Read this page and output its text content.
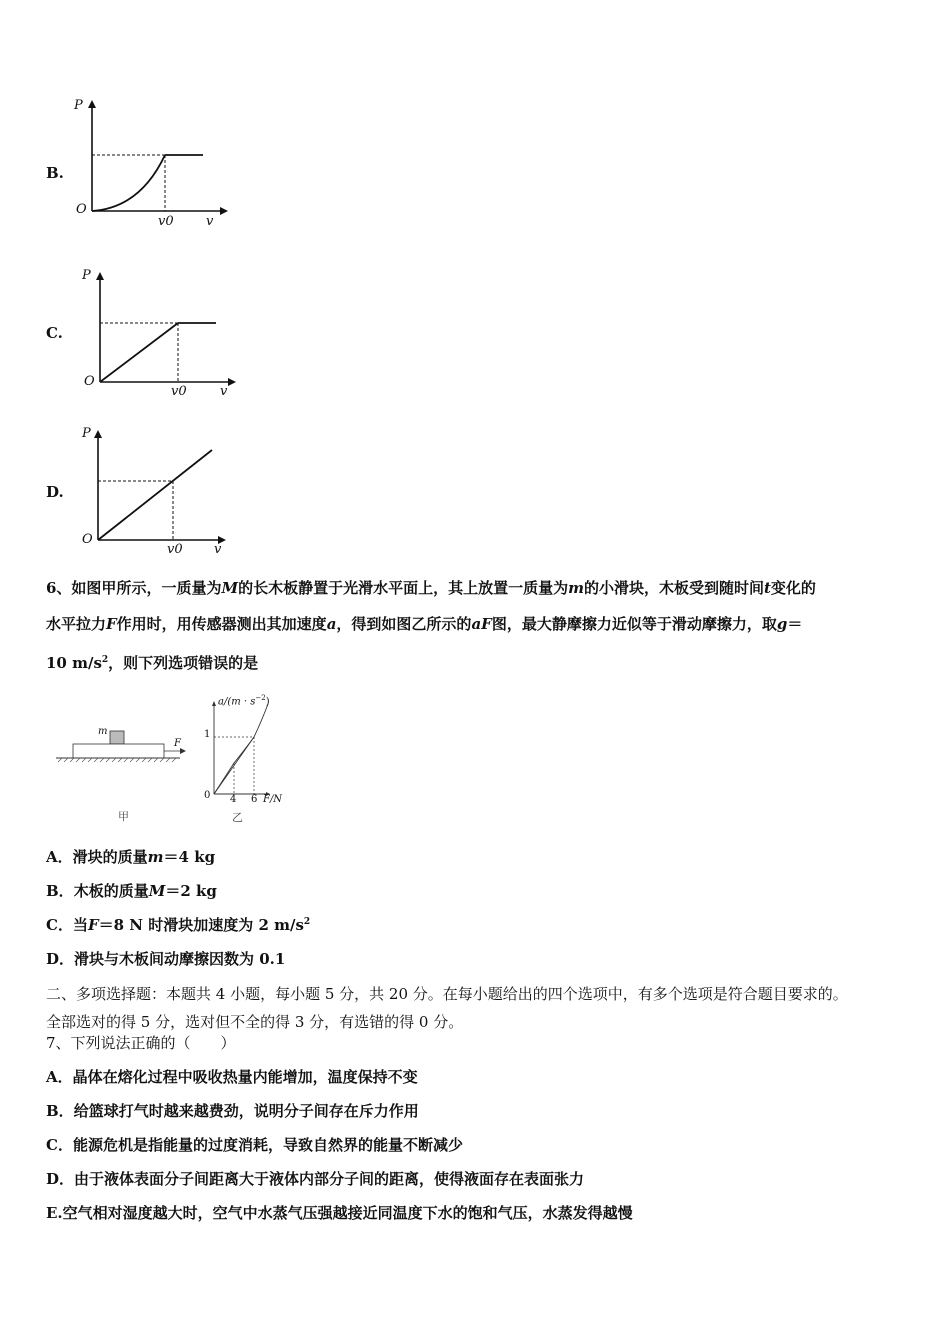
B.
P
O
v0 v
C.
P
O
v0	v
D.
P
O
v0 v
6、如图甲所示，一质量为M的长木板静置于光滑水平面上，其上放置一质量为m的小滑块，木板受到随时间t变化的
水平拉力F作用时，用传感器测出其加速度a，得到如图乙所示的aF图，最大静摩擦力近似等于滑动摩擦力，取g＝
10 $m/s^2$，则下列选项错误的是
m
F
甲
$a/(m \cdot s^{-2})$
1
0 4 6 F/N
乙
A．滑块的质量m＝4 kg
B．木板的质量M＝2 kg
C．当F＝8 N 时滑块加速度为 2 $m/s^2$
D．滑块与木板间动摩擦因数为 0.1
二、多项选择题：本题共 4 小题，每小题 5 分，共 20 分。在每小题给出的四个选项中，有多个选项是符合题目要求的。
全部选对的得 5 分，选对但不全的得 3 分，有选错的得 0 分。
7、下列说法正确的（　　）
A．晶体在熔化过程中吸收热量内能增加，温度保持不变
B．给篮球打气时越来越费劲，说明分子间存在斥力作用
C．能源危机是指能量的过度消耗，导致自然界的能量不断减少
D．由于液体表面分子间距离大于液体内部分子间的距离，使得液面存在表面张力
E.空气相对湿度越大时，空气中水蒸气压强越接近同温度下水的饱和气压，水蒸发得越慢
